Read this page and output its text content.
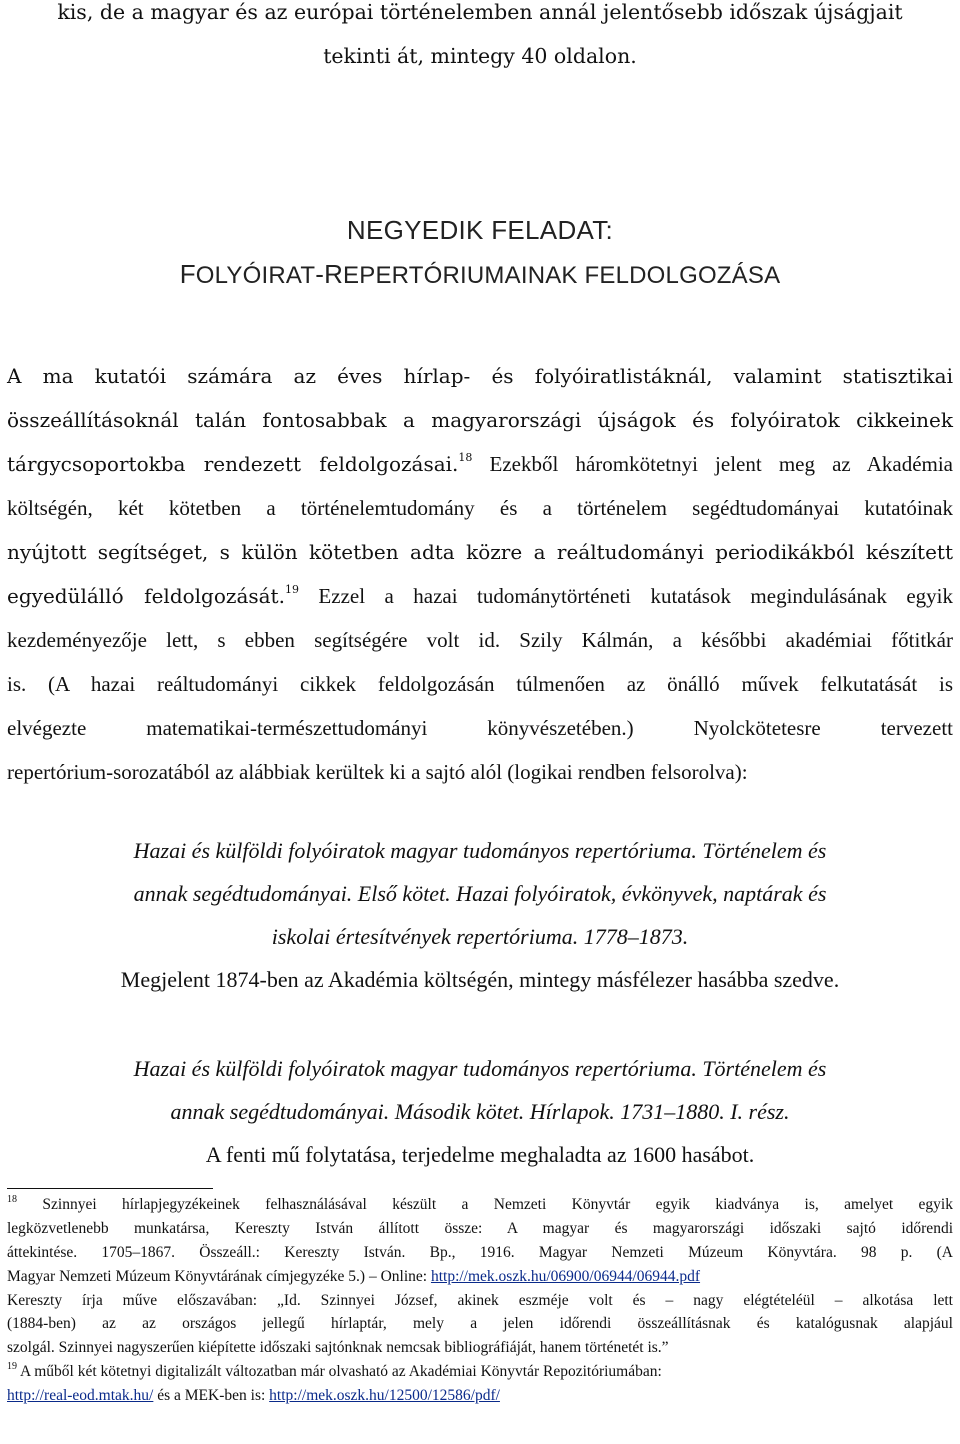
kis, de a magyar és az európai történelemben annál jelentősebb időszak újságjait
tekinti át, mintegy 40 oldalon.
NEGYEDIK FELADAT:
FOLYÓIRAT-REPERTÓRIUMAINAK FELDOLGOZÁSA
A ma kutatói számára az éves hírlap- és folyóiratlistáknál, valamint statisztikai
összeállításoknál talán fontosabbak a magyarországi újságok és folyóiratok cikkeinek
tárgycsoportokba rendezett feldolgozásai.$^{18}$ Ezekből háromkötetnyi jelent meg az Akadémia
költségén, két kötetben a történelemtudomány és a történelem segédtudományai kutatóinak
nyújtott segítséget, s külön kötetben adta közre a reáltudományi periodikákból készített
egyedülálló feldolgozását.$^{19}$ Ezzel a hazai tudománytörténeti kutatások megindulásának egyik
kezdeményezője lett, s ebben segítségére volt id. Szily Kálmán, a későbbi akadémiai főtitkár
is. (A hazai reáltudományi cikkek feldolgozásán túlmenően az önálló művek felkutatását is
elvégezte matematikai-természettudományi könyvészetében.) Nyolckötetesre tervezett
repertórium-sorozatából az alábbiak kerültek ki a sajtó alól (logikai rendben felsorolva):
Hazai és külföldi folyóiratok magyar tudományos repertóriuma. Történelem és
annak segédtudományai. Első kötet. Hazai folyóiratok, évkönyvek, naptárak és
iskolai értesítvények repertóriuma. 1778–1873.
Megjelent 1874-ben az Akadémia költségén, mintegy másfélezer hasábba szedve.
Hazai és külföldi folyóiratok magyar tudományos repertóriuma. Történelem és
annak segédtudományai. Második kötet. Hírlapok. 1731–1880. I. rész.
A fenti mű folytatása, terjedelme meghaladta az 1600 hasábot.
$^{18}$ Szinnyei hírlapjegyzékeinek felhasználásával készült a Nemzeti Könyvtár egyik kiadványa is, amelyet egyik
legközvetlenebb munkatársa, Kereszty István állított össze: A magyar és magyarországi időszaki sajtó időrendi
áttekintése. 1705–1867. Összeáll.: Kereszty István. Bp., 1916. Magyar Nemzeti Múzeum Könyvtára. 98 p. (A
Magyar Nemzeti Múzeum Könyvtárának címjegyzéke 5.) – Online: http://mek.oszk.hu/06900/06944/06944.pdf
Kereszty írja műve előszavában: „Id. Szinnyei József, akinek eszméje volt és – nagy elégtételéül – alkotása lett
(1884-ben) az az országos jellegű hírlaptár, mely a jelen időrendi összeállításnak és katalógusnak alapjául
szolgál. Szinnyei nagyszerűen kiépítette időszaki sajtónknak nemcsak bibliográfiáját, hanem történetét is.”
$^{19}$ A műből két kötetnyi digitalizált változatban már olvasható az Akadémiai Könyvtár Repozitóriumában:
http://real-eod.mtak.hu/ és a MEK-ben is: http://mek.oszk.hu/12500/12586/pdf/
